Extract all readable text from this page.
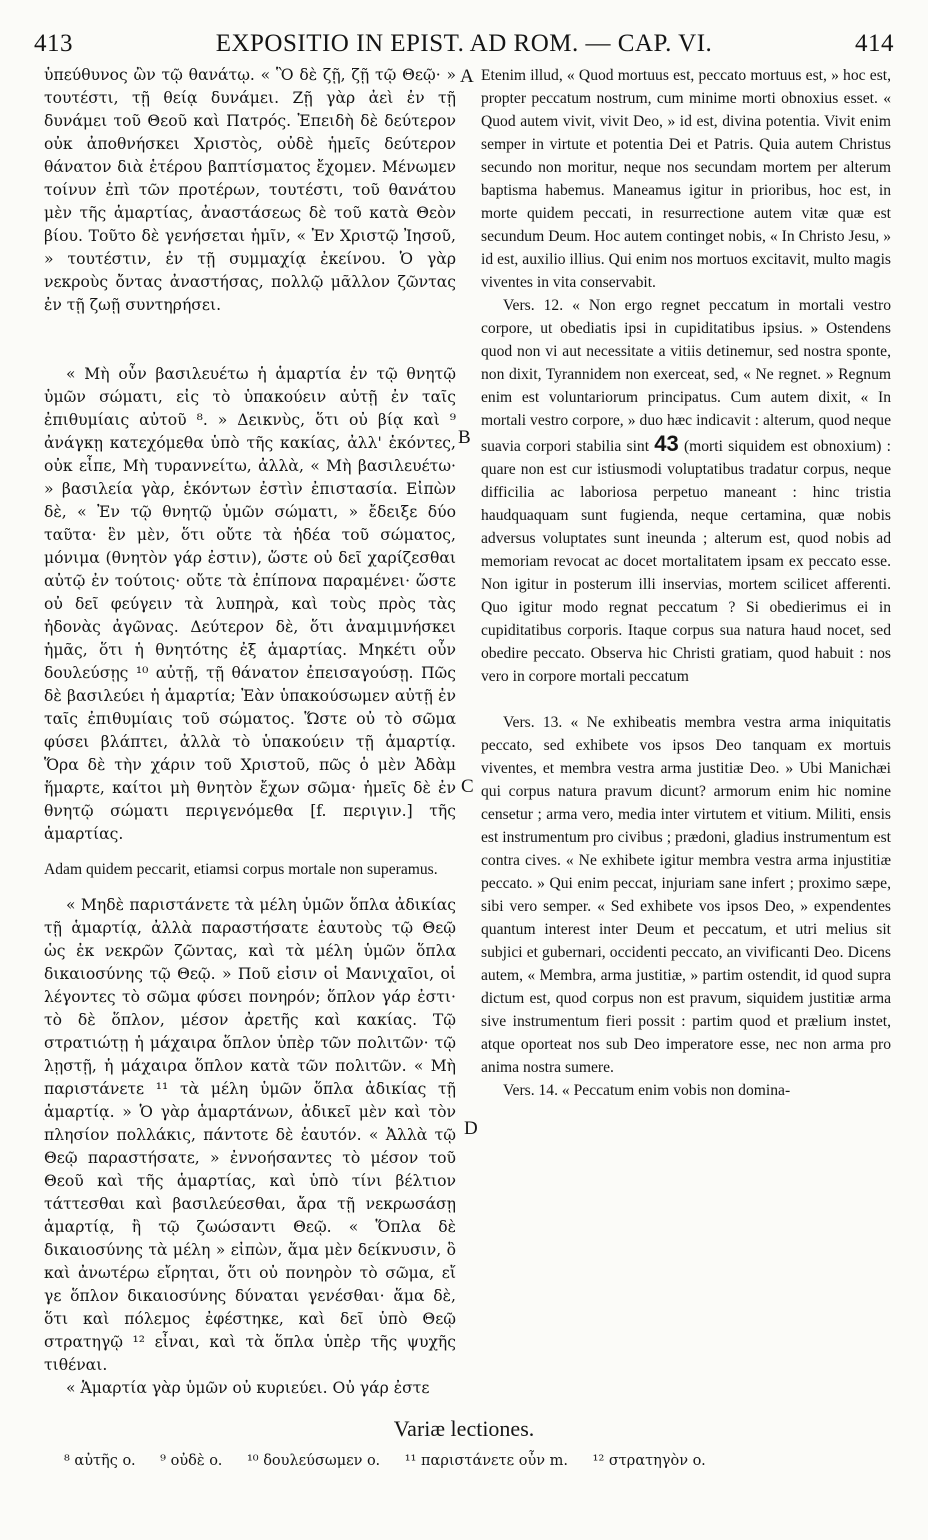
413	EXPOSITIO IN EPIST. AD ROM. — CAP. VI.	414

ὑπεύθυνος ὢν τῷ θανάτῳ. « Ὃ δὲ ζῇ, ζῇ τῷ Θεῷ· » τουτέστι, τῇ θείᾳ δυνάμει. Ζῇ γὰρ ἀεὶ ἐν τῇ δυνάμει τοῦ Θεοῦ καὶ Πατρός. Ἐπειδὴ δὲ δεύτερον οὐκ ἀποθνήσκει Χριστὸς, οὐδὲ ἡμεῖς δεύτερον θάνατον διὰ ἑτέρου βαπτίσματος ἔχομεν. Μένωμεν τοίνυν ἐπὶ τῶν προτέρων, τουτέστι, τοῦ θανάτου μὲν τῆς ἁμαρτίας, ἀναστάσεως δὲ τοῦ κατὰ Θεὸν βίου. Τοῦτο δὲ γενήσεται ἡμῖν, « Ἐν Χριστῷ Ἰησοῦ, » τουτέστιν, ἐν τῇ συμμαχίᾳ ἐκείνου. Ὁ γὰρ νεκροὺς ὄντας ἀναστήσας, πολλῷ μᾶλλον ζῶντας ἐν τῇ ζωῇ συντηρήσει.

« Μὴ οὖν βασιλευέτω ἡ ἁμαρτία ἐν τῷ θνητῷ ὑμῶν σώματι, εἰς τὸ ὑπακούειν αὐτῇ ἐν ταῖς ἐπιθυμίαις αὐτοῦ ⁸. » Δεικνὺς, ὅτι οὐ βίᾳ καὶ ⁹ ἀνάγκῃ κατεχόμεθα ὑπὸ τῆς κακίας, ἀλλ' ἑκόντες, οὐκ εἶπε, Μὴ τυραννείτω, ἀλλὰ, « Μὴ βασιλευέτω· » βασιλεία γὰρ, ἑκόντων ἐστὶν ἐπιστασία. Εἰπὼν δὲ, « Ἐν τῷ θνητῷ ὑμῶν σώματι, » ἔδειξε δύο ταῦτα· ἓν μὲν, ὅτι οὔτε τὰ ἡδέα τοῦ σώματος, μόνιμα (θνητὸν γάρ ἐστιν), ὥστε οὐ δεῖ χαρίζεσθαι αὐτῷ ἐν τούτοις· οὔτε τὰ ἐπίπονα παραμένει· ὥστε οὐ δεῖ φεύγειν τὰ λυπηρὰ, καὶ τοὺς πρὸς τὰς ἡδονὰς ἀγῶνας. Δεύτερον δὲ, ὅτι ἀναμιμνήσκει ἡμᾶς, ὅτι ἡ θνητότης ἐξ ἁμαρτίας. Μηκέτι οὖν δουλεύσῃς ¹⁰ αὐτῇ, τῇ θάνατον ἐπεισαγούσῃ. Πῶς δὲ βασιλεύει ἡ ἁμαρτία; Ἐὰν ὑπακούσωμεν αὐτῇ ἐν ταῖς ἐπιθυμίαις τοῦ σώματος. Ὥστε οὐ τὸ σῶμα φύσει βλάπτει, ἀλλὰ τὸ ὑπακούειν τῇ ἁμαρτίᾳ. Ὅρα δὲ τὴν χάριν τοῦ Χριστοῦ, πῶς ὁ μὲν Ἀδὰμ ἥμαρτε, καίτοι μὴ θνητὸν ἔχων σῶμα· ἡμεῖς δὲ ἐν θνητῷ σώματι περιγενόμεθα [f. περιγιν.] τῆς ἁμαρτίας.

« Μηδὲ παριστάνετε τὰ μέλη ὑμῶν ὅπλα ἀδικίας τῇ ἁμαρτίᾳ, ἀλλὰ παραστήσατε ἑαυτοὺς τῷ Θεῷ ὡς ἐκ νεκρῶν ζῶντας, καὶ τὰ μέλη ὑμῶν ὅπλα δικαιοσύνης τῷ Θεῷ. » Ποῦ εἰσιν οἱ Μανιχαῖοι, οἱ λέγοντες τὸ σῶμα φύσει πονηρόν; ὅπλον γάρ ἐστι· τὸ δὲ ὅπλον, μέσον ἀρετῆς καὶ κακίας. Τῷ στρατιώτῃ ἡ μάχαιρα ὅπλον ὑπὲρ τῶν πολιτῶν· τῷ λῃστῇ, ἡ μάχαιρα ὅπλον κατὰ τῶν πολιτῶν. « Μὴ παριστάνετε ¹¹ τὰ μέλη ὑμῶν ὅπλα ἀδικίας τῇ ἁμαρτίᾳ. » Ὁ γὰρ ἁμαρτάνων, ἀδικεῖ μὲν καὶ τὸν πλησίον πολλάκις, πάντοτε δὲ ἑαυτόν. « Ἀλλὰ τῷ Θεῷ παραστήσατε, » ἐννοήσαντες τὸ μέσον τοῦ Θεοῦ καὶ τῆς ἁμαρτίας, καὶ ὑπὸ τίνι βέλτιον τάττεσθαι καὶ βασιλεύεσθαι, ἄρα τῇ νεκρωσάσῃ ἁμαρτίᾳ, ἢ τῷ ζωώσαντι Θεῷ. « Ὅπλα δὲ δικαιοσύνης τὰ μέλη » εἰπὼν, ἅμα μὲν δείκνυσιν, ὃ καὶ ἀνωτέρω εἴρηται, ὅτι οὐ πονηρὸν τὸ σῶμα, εἴ γε ὅπλον δικαιοσύνης δύναται γενέσθαι· ἅμα δὲ, ὅτι καὶ πόλεμος ἐφέστηκε, καὶ δεῖ ὑπὸ Θεῷ στρατηγῷ ¹² εἶναι, καὶ τὰ ὅπλα ὑπὲρ τῆς ψυχῆς τιθέναι.

« Ἁμαρτία γὰρ ὑμῶν οὐ κυριεύει. Οὐ γάρ ἐστε

Adam quidem peccarit, etiamsi corpus mortale non superamus.

Etenim illud, « Quod mortuus est, peccato mortuus est, » hoc est, propter peccatum nostrum, cum minime morti obnoxius esset. « Quod autem vivit, vivit Deo, » id est, divina potentia. Vivit enim semper in virtute et potentia Dei et Patris. Quia autem Christus secundo non moritur, neque nos secundam mortem per alterum baptisma habemus. Maneamus igitur in prioribus, hoc est, in morte quidem peccati, in resurrectione autem vitæ quæ est secundum Deum. Hoc autem continget nobis, « In Christo Jesu, » id est, auxilio illius. Qui enim nos mortuos excitavit, multo magis viventes in vita conservabit.

Vers. 12. « Non ergo regnet peccatum in mortali vestro corpore, ut obediatis ipsi in cupiditatibus ipsius. » Ostendens quod non vi aut necessitate a vitiis detinemur, sed nostra sponte, non dixit, Tyrannidem non exerceat, sed, « Ne regnet. » Regnum enim est voluntariorum principatus. Cum autem dixit, « In mortali vestro corpore, » duo hæc indicavit : alterum, quod neque suavia corpori stabilia sint 43 (morti siquidem est obnoxium) : quare non est cur istiusmodi voluptatibus tradatur corpus, neque difficilia ac laboriosa perpetuo maneant : hinc tristia haudquaquam sunt fugienda, neque certamina, quæ nobis adversus voluptates sunt ineunda ; alterum est, quod nobis ad memoriam revocat ac docet mortalitatem ipsam ex peccato esse. Non igitur in posterum illi inservias, mortem scilicet afferenti. Quo igitur modo regnat peccatum ? Si obedierimus ei in cupiditatibus corporis. Itaque corpus sua natura haud nocet, sed obedire peccato. Observa hic Christi gratiam, quod habuit : nos vero in corpore mortali peccatum

Vers. 13. « Ne exhibeatis membra vestra arma iniquitatis peccato, sed exhibete vos ipsos Deo tanquam ex mortuis viventes, et membra vestra arma justitiæ Deo. » Ubi Manichæi qui corpus natura pravum dicunt? armorum enim hic nomine censetur ; arma vero, media inter virtutem et vitium. Militi, ensis est instrumentum pro civibus ; prædoni, gladius instrumentum est contra cives. « Ne exhibete igitur membra vestra arma injustitiæ peccato. » Qui enim peccat, injuriam sane infert ; proximo sæpe, sibi vero semper. « Sed exhibete vos ipsos Deo, » expendentes quantum interest inter Deum et peccatum, et utri melius sit subjici et gubernari, occidenti peccato, an vivificanti Deo. Dicens autem, « Membra, arma justitiæ, » partim ostendit, id quod supra dictum est, quod corpus non est pravum, siquidem justitiæ arma sive instrumentum fieri possit : partim quod et prælium instet, atque oporteat nos sub Deo imperatore esse, nec non arma pro anima nostra sumere.

Vers. 14. « Peccatum enim vobis non domina-

A
B
C
D
Variæ lectiones.
⁸ αὐτῆς o. ⁹ οὐδὲ o. ¹⁰ δουλεύσωμεν o. ¹¹ παριστάνετε οὖν m. ¹² στρατηγὸν o.
